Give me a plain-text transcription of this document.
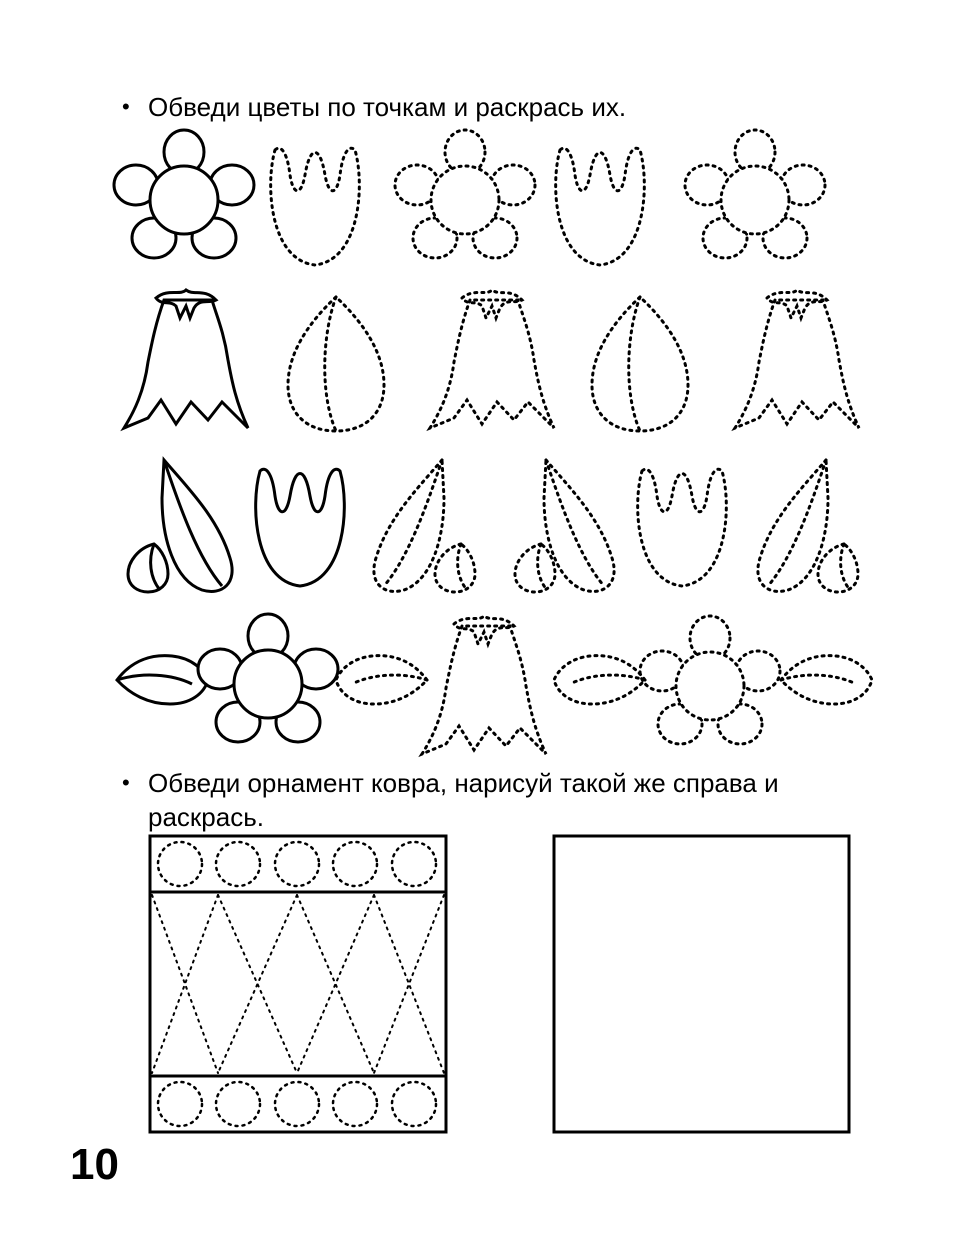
• Обведи цветы по точкам и раскрась их.
• Обведи орнамент ковра, нарисуй такой же справа и
раскрась.
10
